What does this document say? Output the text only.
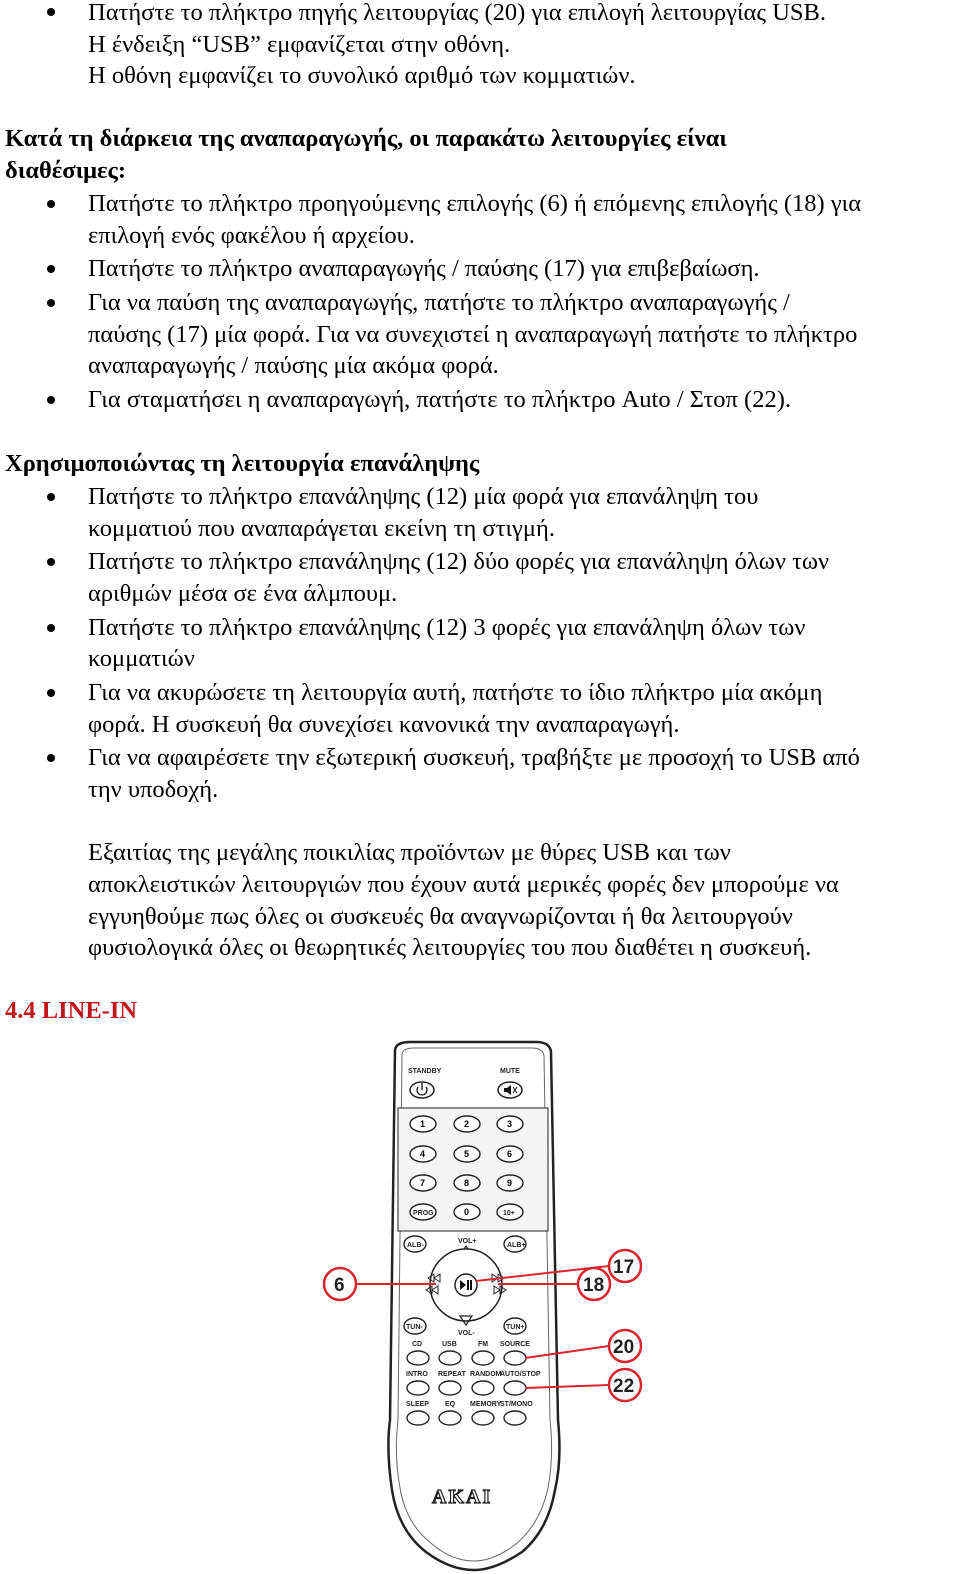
Πατήστε το πλήκτρο πηγής λειτουργίας (20) για επιλογή λειτουργίας USB.
Η ένδειξη “USB” εμφανίζεται στην οθόνη.
Η οθόνη εμφανίζει το συνολικό αριθμό των κομματιών.
Κατά τη διάρκεια της αναπαραγωγής, οι παρακάτω λειτουργίες είναι
διαθέσιμες:
Πατήστε το πλήκτρο προηγούμενης επιλογής (6) ή επόμενης επιλογής (18) για
επιλογή ενός φακέλου ή αρχείου.
Πατήστε το πλήκτρο αναπαραγωγής / παύσης (17) για επιβεβαίωση.
Για να παύση της αναπαραγωγής, πατήστε το πλήκτρο αναπαραγωγής /
παύσης (17) μία φορά. Για να συνεχιστεί η αναπαραγωγή πατήστε το πλήκτρο
αναπαραγωγής / παύσης μία ακόμα φορά.
Για σταματήσει η αναπαραγωγή, πατήστε το πλήκτρο Auto / Στοπ (22).
Χρησιμοποιώντας τη λειτουργία επανάληψης
Πατήστε το πλήκτρο επανάληψης (12) μία φορά για επανάληψη του
κομματιού που αναπαράγεται εκείνη τη στιγμή.
Πατήστε το πλήκτρο επανάληψης (12) δύο φορές για επανάληψη όλων των
αριθμών μέσα σε ένα άλμπουμ.
Πατήστε το πλήκτρο επανάληψης (12) 3 φορές για επανάληψη όλων των
κομματιών
Για να ακυρώσετε τη λειτουργία αυτή, πατήστε το ίδιο πλήκτρο μία ακόμη
φορά. Η συσκευή θα συνεχίσει κανονικά την αναπαραγωγή.
Για να αφαιρέσετε την εξωτερική συσκευή, τραβήξτε με προσοχή το USB από
την υποδοχή.
Εξαιτίας της μεγάλης ποικιλίας προϊόντων με θύρες USB και των
αποκλειστικών λειτουργιών που έχουν αυτά μερικές φορές δεν μπορούμε να
εγγυηθούμε πως όλες οι συσκευές θα αναγνωρίζονται ή θα λειτουργούν
φυσιολογικά όλες οι θεωρητικές λειτουργίες του που διαθέτει η συσκευή.
4.4 LINE-IN
STANDBY	MUTE
1	2	3
4	5	6
7	8	9
PROG	0	10+
ALB-	ALB+
VOL+
VOL-
TUN-	TUN+
CD	USB	FM SOURCE
INTRO REPEAT RANDOM
AUTO/STOP
SLEEP EQ MEMORY
ST/MONO
AKAI
6
17
18
20
22
